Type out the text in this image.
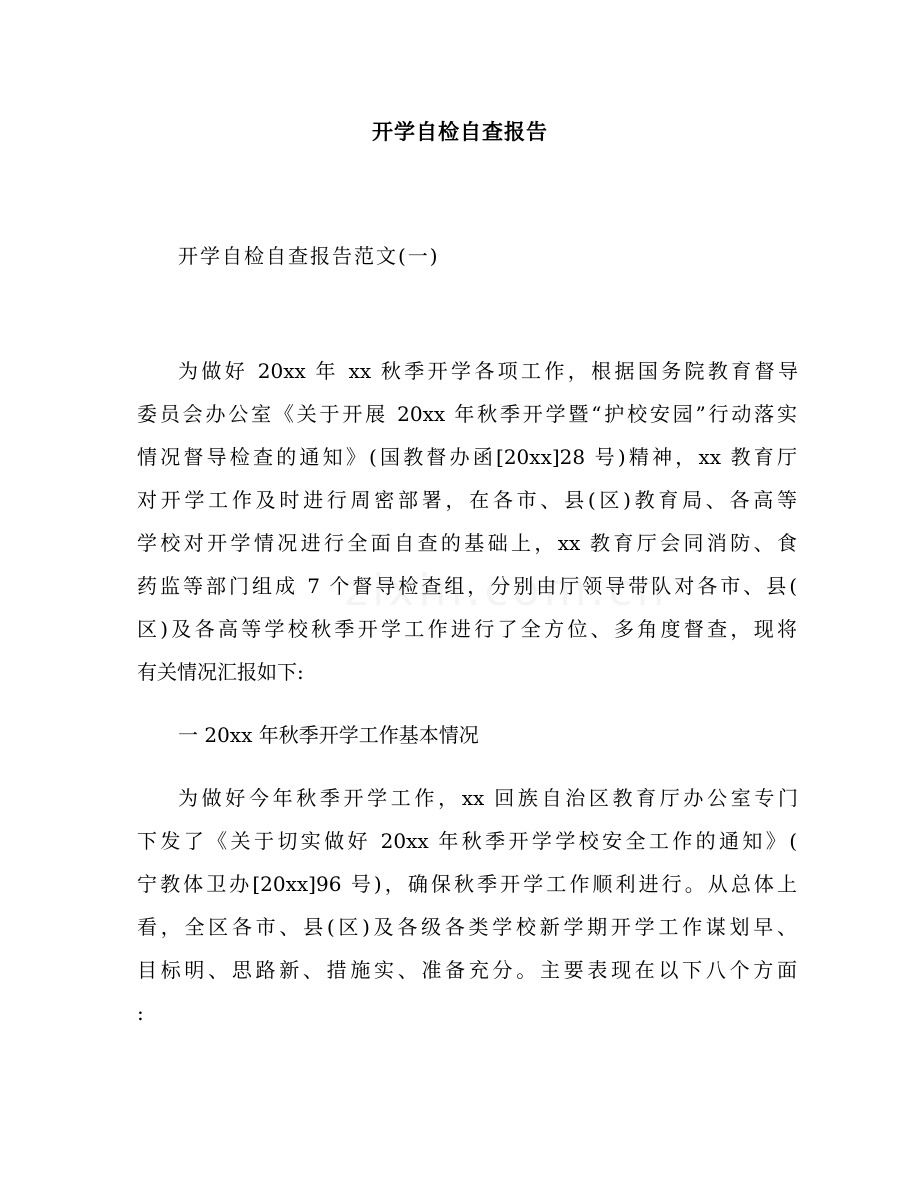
开学自检自查报告
开学自检自查报告范文(一)
为做好 20xx 年 xx 秋季开学各项工作，根据国务院教育督导
委员会办公室《关于开展 20xx 年秋季开学暨“护校安园”行动落实
情况督导检查的通知》(国教督办函[20xx]28 号)精神，xx 教育厅
对开学工作及时进行周密部署，在各市、县(区)教育局、各高等
学校对开学情况进行全面自查的基础上，xx 教育厅会同消防、食
药监等部门组成 7 个督导检查组，分别由厅领导带队对各市、县(
区)及各高等学校秋季开学工作进行了全方位、多角度督查，现将
有关情况汇报如下:
一 20xx 年秋季开学工作基本情况
为做好今年秋季开学工作，xx 回族自治区教育厅办公室专门
下发了《关于切实做好 20xx 年秋季开学学校安全工作的通知》(
宁教体卫办[20xx]96 号)，确保秋季开学工作顺利进行。从总体上
看，全区各市、县(区)及各级各类学校新学期开学工作谋划早、
目标明、思路新、措施实、准备充分。主要表现在以下八个方面
:
